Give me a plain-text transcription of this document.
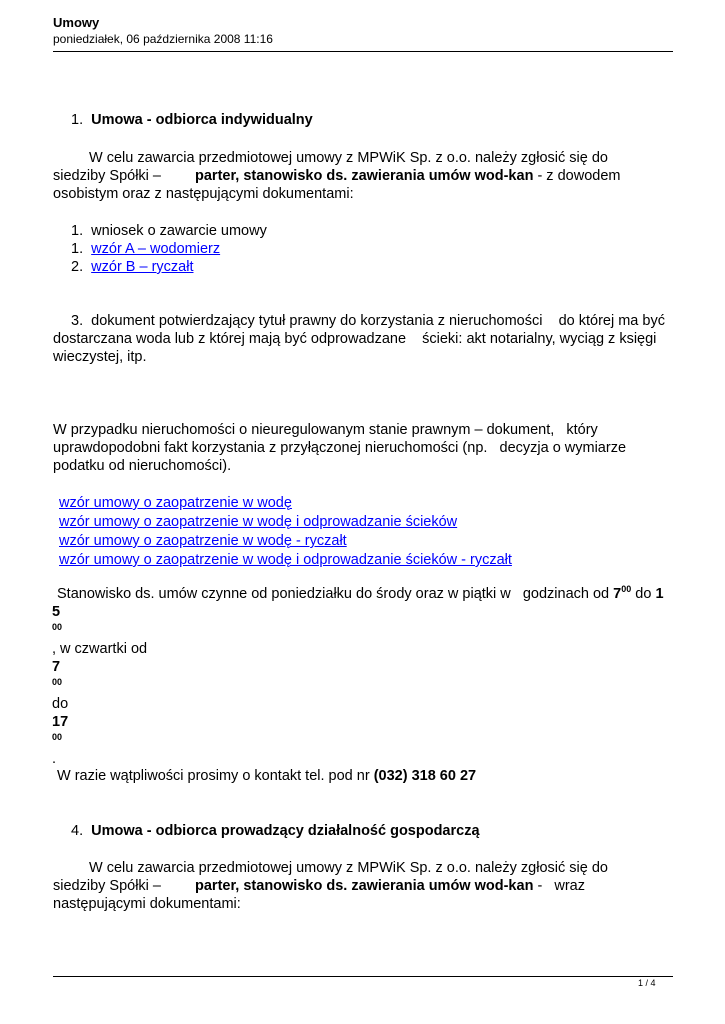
Umowy
poniedziałek, 06 października 2008 11:16
1. Umowa - odbiorca indywidualny
W celu zawarcia przedmiotowej umowy z MPWiK Sp. z o.o. należy zgłosić się do
siedziby Spółki – parter, stanowisko ds. zawierania umów wod-kan - z dowodem
osobistym oraz z następującymi dokumentami:
1. wniosek o zawarcie umowy
1. wzór A – wodomierz
2. wzór B – ryczałt
3.  dokument potwierdzający tytuł prawny do korzystania z nieruchomości    do której ma być
dostarczana woda lub z której mają być odprowadzane    ścieki: akt notarialny, wyciąg z księgi
wieczystej, itp.
W przypadku nieruchomości o nieuregulowanym stanie prawnym – dokument,   który
uprawdopodobni fakt korzystania z przyłączonej nieruchomości (np.   decyzja o wymiarze
podatku od nieruchomości).
wzór umowy o zaopatrzenie w wodę
wzór umowy o zaopatrzenie w wodę i odprowadzanie ścieków
wzór umowy o zaopatrzenie w wodę - ryczałt
wzór umowy o zaopatrzenie w wodę i odprowadzanie ścieków - ryczałt
Stanowisko ds. umów czynne od poniedziałku do środy oraz w piątki w   godzinach od $7^{00}$ do 1
5
00
, w czwartki od
7
00
do
17
00
.
W razie wątpliwości prosimy o kontakt tel. pod nr (032) 318 60 27
4. Umowa - odbiorca prowadzący działalność gospodarczą
W celu zawarcia przedmiotowej umowy z MPWiK Sp. z o.o. należy zgłosić się do
siedziby Spółki – parter, stanowisko ds. zawierania umów wod-kan -   wraz
następującymi dokumentami:
1 / 4
